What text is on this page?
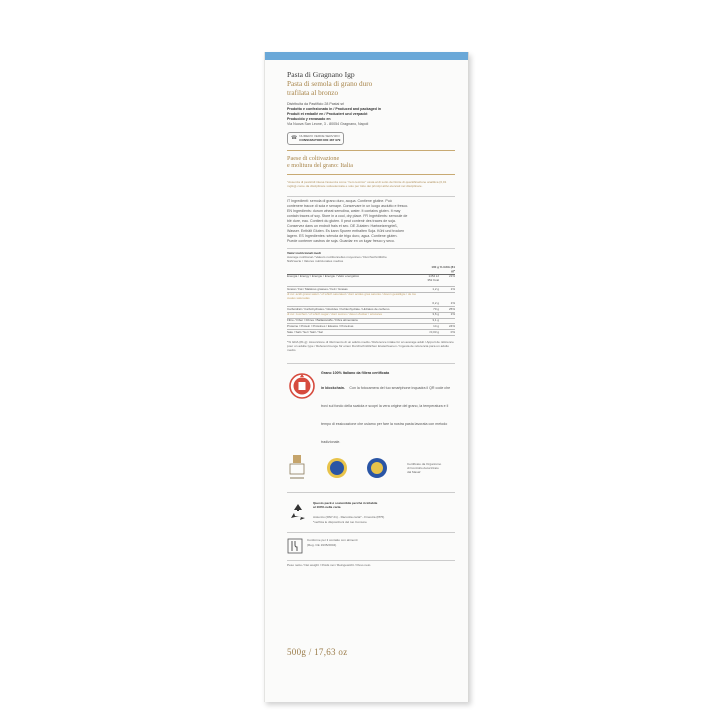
Pasta di Gragnano Igp
Pasta di semola di grano duro
trafilata al bronzo
Distribuita da Pastificio 28 Pastai srl
Prodotto e confezionato in / Produced and packaged in
Produit et emballé en / Produziert und verpackt
Producido y envasado en
Via Nuova San Leone, 3 - 80054 Gragnano, Napoli
☎ NUMERO VERDE SERVIZIO
CONSUMATORI 800 487 979
Paese di coltivazione
e molitura del grano: Italia
"Assenza di pesticidi intesa l'assenza come "zero tecnico" ossia al di sotto del limite di quantificazione analitica (0,01 mg/kg) come da disciplinare sottoelencata e solo per lotto dei principi attivi elencati nel disciplinare.
IT Ingredienti: semola di grano duro, acqua. Contiene glutine. Può
contenere tracce di soia e senape. Conservare in un luogo asciutto e fresco.
EN Ingredients: durum wheat semolina, water. It contains gluten. It may
contain traces of soy. Store in a cool, dry place. FR Ingrédients: semoule de
blé dure, eau. Contient du gluten. Il peut contenir des traces de soja.
Conservez dans un endroit frais et sec. DE Zutaten: Hartweizengrieß,
Wasser. Enthält Gluten. Es kann Spuren enthalten Soja. Kühl und trocken
lagern. ES Ingredientes: sémola de trigo duro, agua. Contiene gluten.
Puede contener castros de soja. Guardar en un lugar fresco y seco.
Valori nutrizionali medi
Average nutritional / Valeurs nutritionnelles moyennes / Durchschnittliche
Nährwerte / Valores nutricionales medios
	100 g	% GDA (81 g)*
Energia / Energy / Énergie / Energie / Valor energético	1454 kJ 352 Kcal	21%
Grassi / Fat / Matières grasses / Fett / Grasas	1,2 g	1%
di cui: acidi grassi saturi / of which saturated / dont acides gras saturés / davon gesättigte / de los cuales saturadas	0,2 g	1%
Carboidrati / Carbohydrates / Glucides / Kohlenhydrate / Hidratos de carbono	70 g	25%
di cui: zuccheri / of which sugar / dont sucres / davon Zucker / azúcares	3,6 g	1%
Fibre / Fiber / Fibres / Ballaststoffe / Fibra alimentaria	3,1 g	
Proteine / Protein / Protéines / Eiweiss / Proteínas	14 g	24%
Sale / Salt / Sel / Salz / Sal	<0,03 g	0%
*% GDA (81 g): Assunzione di riferimento di un adulto medio / Reference intake for an average adult / Apport de référence pour un adulte type / Referenzmenge für einen Durchschnittlichen Erwachsenen / Ingesta de referencia para un adulto medio
Grano 100% Italiano da filiera certificata
in blockchain. Con la fotocamera del tuo smartphone inquadra il QR code che trovi sul fondo della scatola e scopri la vera origine del grano, la temperatura e il tempo di essiccazione che usiamo per fare la nostra pasta lavorata con metodo tradizionale.
Certificato da Organismo
di Controllo Autorizzato
dal Masaf
Questo pack è sostenibile perché riciclabile
al 100% nella carta
Astuccio (PAP 21) - Raccolta carta* - Finestra (PP5)
*verifica le disposizioni del tuo Comune
Conforme per il contatto con alimenti
(Reg. CE 1935/2004)
Peso netto / Net weight / Poids net / Reingewicht / Peso neto
500g / 17,63 oz
